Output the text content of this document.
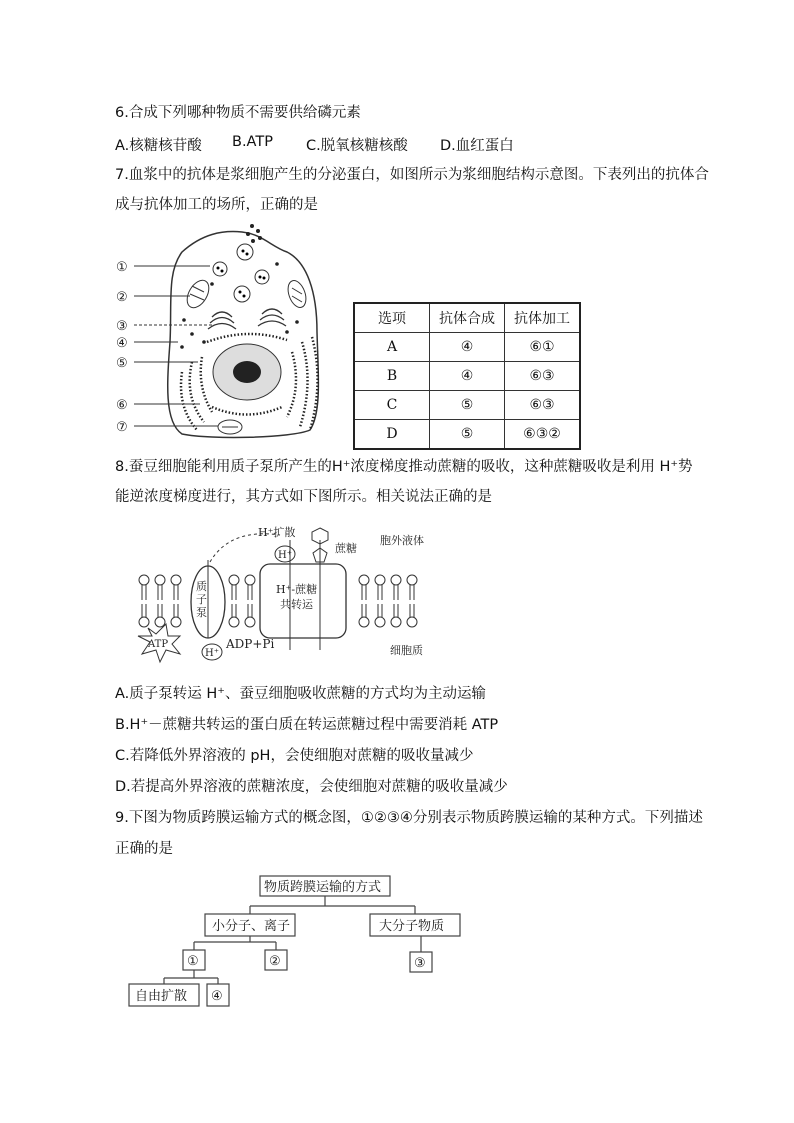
6.合成下列哪种物质不需要供给磷元素
A.核糖核苷酸 B.ATP C.脱氧核糖核酸 D.血红蛋白
7.血浆中的抗体是浆细胞产生的分泌蛋白，如图所示为浆细胞结构示意图。下表列出的抗体合
成与抗体加工的场所，正确的是
①
②
③
④
⑤
⑥
⑦
选项	抗体合成	抗体加工
A	④	⑥①
B	④	⑥③
C	⑤	⑥③
D	⑤	⑥③②
8.蚕豆细胞能利用质子泵所产生的H⁺浓度梯度推动蔗糖的吸收，这种蔗糖吸收是利用 H⁺势
能逆浓度梯度进行，其方式如下图所示。相关说法正确的是
质
子
泵
H⁺扩散
H⁺
H⁺-蔗糖
共转运
蔗糖
胞外液体
ATP
H⁺
ADP+Pi	细胞质
A.质子泵转运 H⁺、蚕豆细胞吸收蔗糖的方式均为主动运输
B.H⁺－蔗糖共转运的蛋白质在转运蔗糖过程中需要消耗 ATP
C.若降低外界溶液的 pH，会使细胞对蔗糖的吸收量减少
D.若提高外界溶液的蔗糖浓度，会使细胞对蔗糖的吸收量减少
9.下图为物质跨膜运输方式的概念图，①②③④分别表示物质跨膜运输的某种方式。下列描述
正确的是
物质跨膜运输的方式
小分子、离子	大分子物质
①	②	③
自由扩散 ④
